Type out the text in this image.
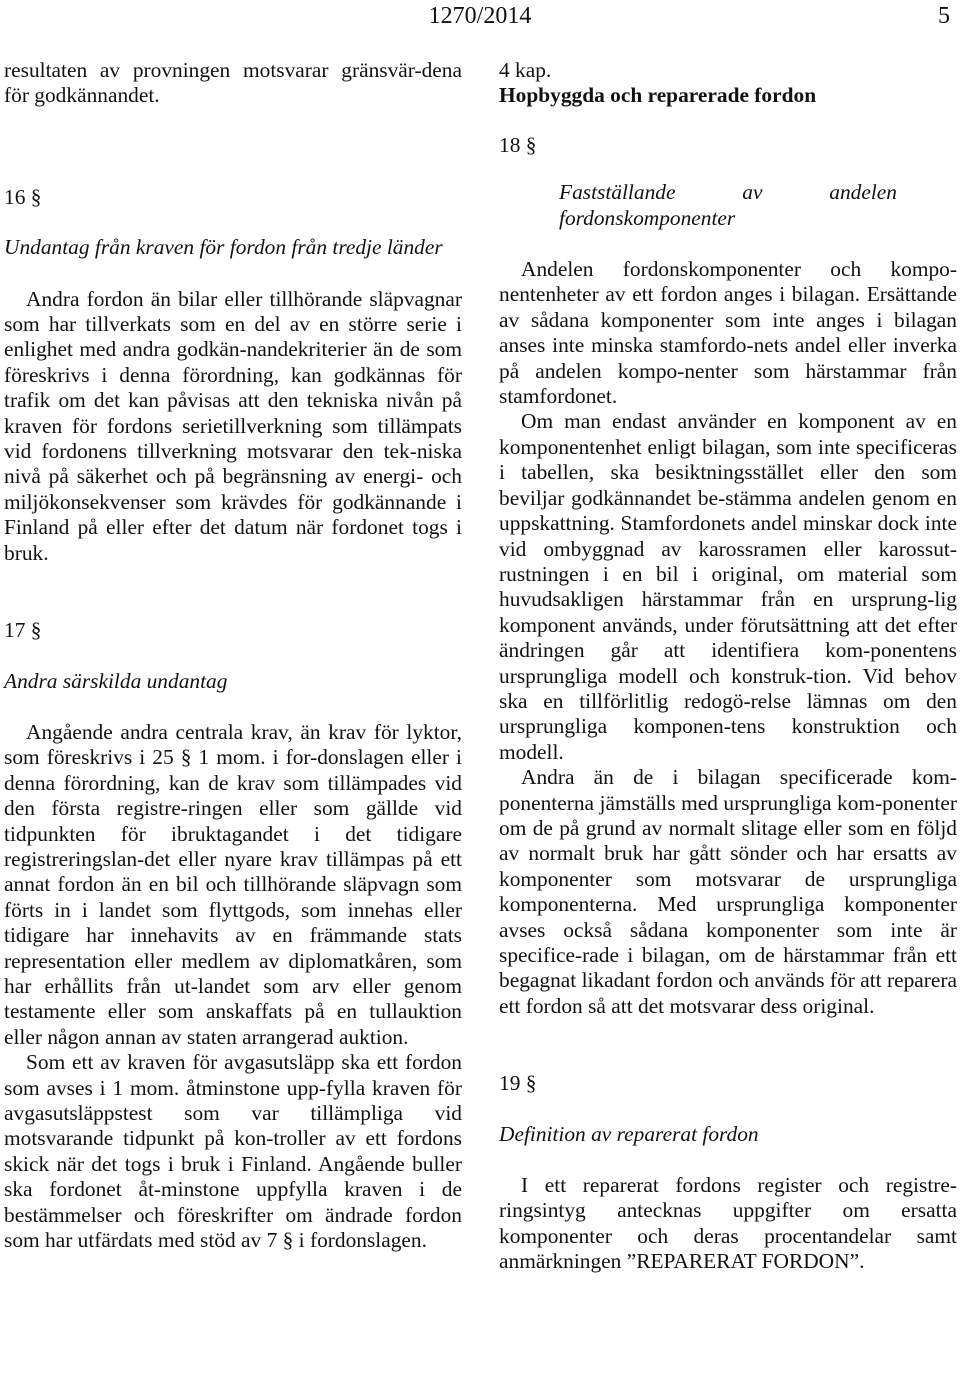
1270/2014	5

resultaten av provningen motsvarar gränsvär-dena för godkännandet.

16 §

Undantag från kraven för fordon från tredje länder

Andra fordon än bilar eller tillhörande släpvagnar som har tillverkats som en del av en större serie i enlighet med andra godkän-nandekriterier än de som föreskrivs i denna förordning, kan godkännas för trafik om det kan påvisas att den tekniska nivån på kraven för fordons serietillverkning som tillämpats vid fordonens tillverkning motsvarar den tek-niska nivå på säkerhet och på begränsning av energi- och miljökonsekvenser som krävdes för godkännande i Finland på eller efter det datum när fordonet togs i bruk.

17 §

Andra särskilda undantag

Angående andra centrala krav, än krav för lyktor, som föreskrivs i 25 § 1 mom. i for-donslagen eller i denna förordning, kan de krav som tillämpades vid den första registre-ringen eller som gällde vid tidpunkten för ibruktagandet i det tidigare registreringslan-det eller nyare krav tillämpas på ett annat fordon än en bil och tillhörande släpvagn som förts in i landet som flyttgods, som innehas eller tidigare har innehavits av en främmande stats representation eller medlem av diplomatkåren, som har erhållits från ut-landet som arv eller genom testamente eller som anskaffats på en tullauktion eller någon annan av staten arrangerad auktion.

Som ett av kraven för avgasutsläpp ska ett fordon som avses i 1 mom. åtminstone upp-fylla kraven för avgasutsläppstest som var tillämpliga vid motsvarande tidpunkt på kon-troller av ett fordons skick när det togs i bruk i Finland. Angående buller ska fordonet åt-minstone uppfylla kraven i de bestämmelser och föreskrifter om ändrade fordon som har utfärdats med stöd av 7 § i fordonslagen.

4 kap.

Hopbyggda och reparerade fordon

18 §

Fastställande av andelen fordonskomponenter

Andelen fordonskomponenter och kompo-nentenheter av ett fordon anges i bilagan. Ersättande av sådana komponenter som inte anges i bilagan anses inte minska stamfordo-nets andel eller inverka på andelen kompo-nenter som härstammar från stamfordonet.

Om man endast använder en komponent av en komponentenhet enligt bilagan, som inte specificeras i tabellen, ska besiktningsstället eller den som beviljar godkännandet be-stämma andelen genom en uppskattning. Stamfordonets andel minskar dock inte vid ombyggnad av karossramen eller karossut-rustningen i en bil i original, om material som huvudsakligen härstammar från en ursprung-lig komponent används, under förutsättning att det efter ändringen går att identifiera kom-ponentens ursprungliga modell och konstruk-tion. Vid behov ska en tillförlitlig redogö-relse lämnas om den ursprungliga komponen-tens konstruktion och modell.

Andra än de i bilagan specificerade kom-ponenterna jämställs med ursprungliga kom-ponenter om de på grund av normalt slitage eller som en följd av normalt bruk har gått sönder och har ersatts av komponenter som motsvarar de ursprungliga komponenterna. Med ursprungliga komponenter avses också sådana komponenter som inte är specifice-rade i bilagan, om de härstammar från ett begagnat likadant fordon och används för att reparera ett fordon så att det motsvarar dess original.

19 §

Definition av reparerat fordon

I ett reparerat fordons register och registre-ringsintyg antecknas uppgifter om ersatta komponenter och deras procentandelar samt anmärkningen ”REPARERAT FORDON”.
